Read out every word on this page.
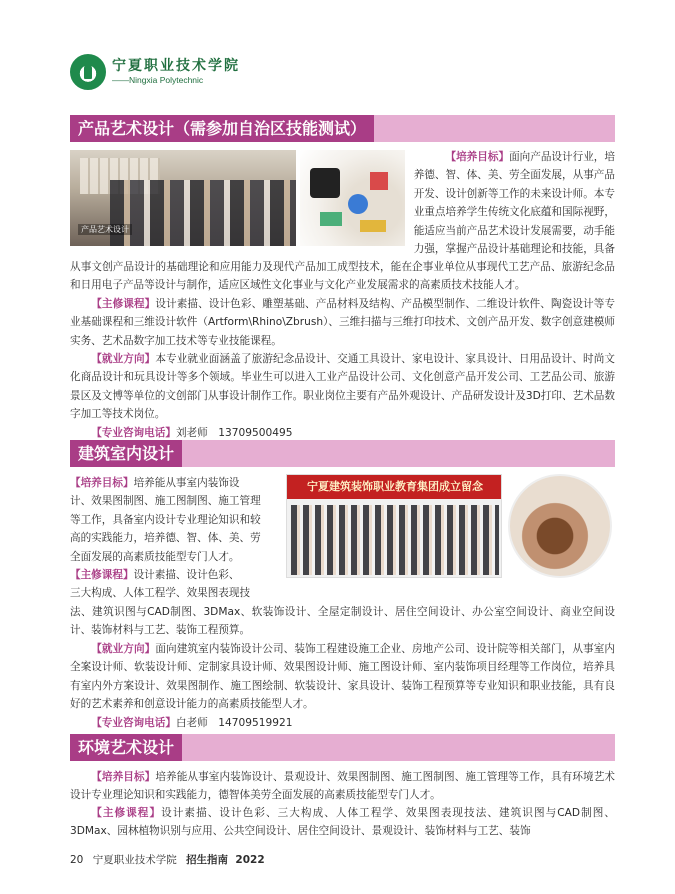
宁夏职业技术学院
——Ningxia Polytechnic
产品艺术设计（需参加自治区技能测试）
产品艺术设计
【培养目标】面向产品设计行业，培
养德、智、体、美、劳全面发展，从事产品
开发、设计创新等工作的未来设计师。本专
业重点培养学生传统文化底蕴和国际视野，
能适应当前产品艺术设计发展需要，动手能
力强，掌握产品设计基础理论和技能，具备
从事文创产品设计的基础理论和应用能力及现代产品加工成型技术，能在企事业单位从事现代工艺产品、旅游纪念品和日用电子产品等设计与制作，适应区域性文化事业与文化产业发展需求的高素质技术技能人才。
【主修课程】设计素描、设计色彩、雕塑基础、产品材料及结构、产品模型制作、二维设计软件、陶瓷设计等专业基础课程和三维设计软件（Artform\Rhino\Zbrush）、三维扫描与三维打印技术、文创产品开发、数字创意建模师实务、艺术品数字加工技术等专业技能课程。
【就业方向】本专业就业面涵盖了旅游纪念品设计、交通工具设计、家电设计、家具设计、日用品设计、时尚文化商品设计和玩具设计等多个领域。毕业生可以进入工业产品设计公司、文化创意产品开发公司、工艺品公司、旅游景区及文博等单位的文创部门从事设计制作工作。职业岗位主要有产品外观设计、产品研发设计及3D打印、艺术品数字加工等技术岗位。
【专业咨询电话】刘老师　13709500495
建筑室内设计
宁夏建筑装饰职业教育集团成立留念
【培养目标】培养能从事室内装饰设
计、效果图制图、施工图制图、施工管理
等工作，具备室内设计专业理论知识和较
高的实践能力，培养德、智、体、美、劳
全面发展的高素质技能型专门人才。
【主修课程】设计素描、设计色彩、
三大构成、人体工程学、效果图表现技
法、建筑识图与CAD制图、3DMax、软装饰设计、全屋定制设计、居住空间设计、办公室空间设计、商业空间设计、装饰材料与工艺、装饰工程预算。
【就业方向】面向建筑室内装饰设计公司、装饰工程建设施工企业、房地产公司、设计院等相关部门，从事室内全案设计师、软装设计师、定制家具设计师、效果图设计师、施工图设计师、室内装饰项目经理等工作岗位，培养具有室内外方案设计、效果图制作、施工图绘制、软装设计、家具设计、装饰工程预算等专业知识和职业技能，具有良好的艺术素养和创意设计能力的高素质技能型人才。
【专业咨询电话】白老师　14709519921
环境艺术设计
【培养目标】培养能从事室内装饰设计、景观设计、效果图制图、施工图制图、施工管理等工作，具有环境艺术设计专业理论知识和实践能力，德智体美劳全面发展的高素质技能型专门人才。
【主修课程】设计素描、设计色彩、三大构成、人体工程学、效果图表现技法、建筑识图与CAD制图、3DMax、园林植物识别与应用、公共空间设计、居住空间设计、景观设计、装饰材料与工艺、装饰
20 宁夏职业技术学院 招生指南 2022
